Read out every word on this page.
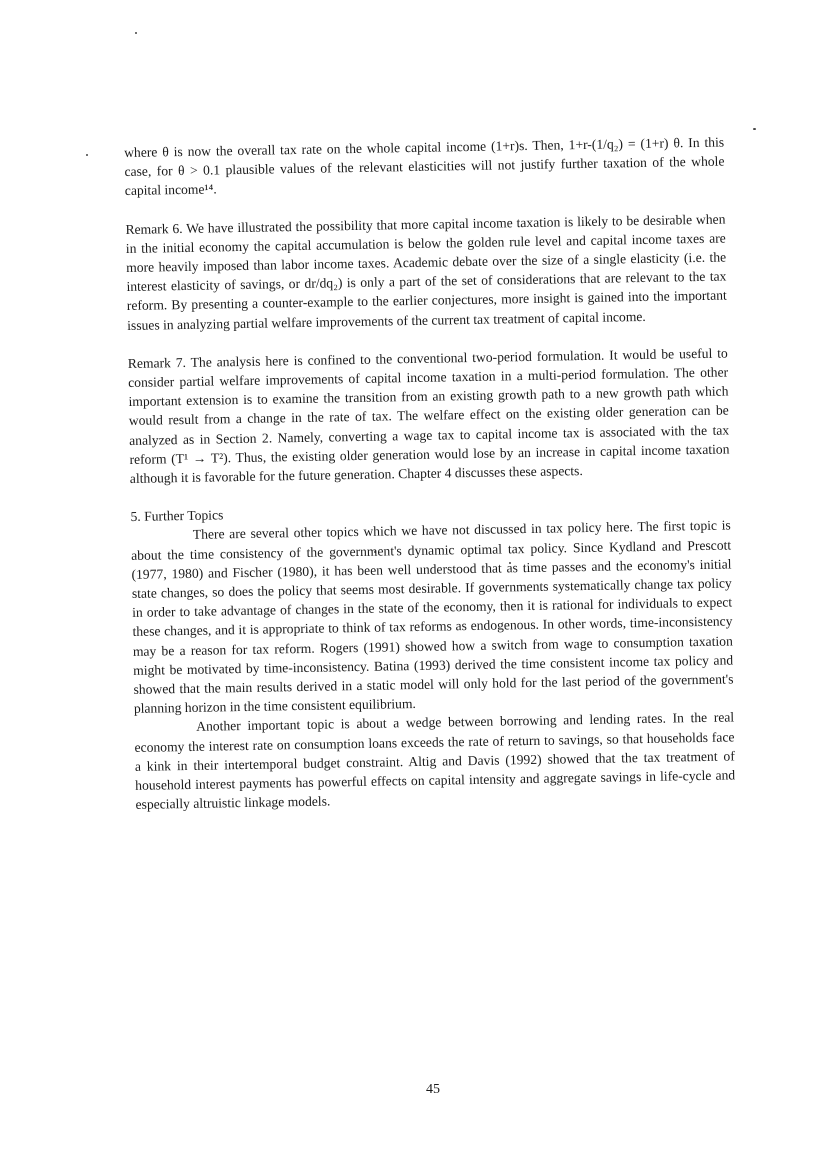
where θ is now the overall tax rate on the whole capital income (1+r)s. Then, 1+r-(1/q₂) = (1+r) θ. In this case, for θ > 0.1 plausible values of the relevant elasticities will not justify further taxation of the whole capital income¹⁴.

Remark 6. We have illustrated the possibility that more capital income taxation is likely to be desirable when in the initial economy the capital accumulation is below the golden rule level and capital income taxes are more heavily imposed than labor income taxes. Academic debate over the size of a single elasticity (i.e. the interest elasticity of savings, or dr/dq₂) is only a part of the set of considerations that are relevant to the tax reform. By presenting a counter-example to the earlier conjectures, more insight is gained into the important issues in analyzing partial welfare improvements of the current tax treatment of capital income.

Remark 7. The analysis here is confined to the conventional two-period formulation. It would be useful to consider partial welfare improvements of capital income taxation in a multi-period formulation. The other important extension is to examine the transition from an existing growth path to a new growth path which would result from a change in the rate of tax. The welfare effect on the existing older generation can be analyzed as in Section 2. Namely, converting a wage tax to capital income tax is associated with the tax reform (T¹ → T²). Thus, the existing older generation would lose by an increase in capital income taxation although it is favorable for the future generation. Chapter 4 discusses these aspects.

5. Further Topics

There are several other topics which we have not discussed in tax policy here. The first topic is about the time consistency of the government's dynamic optimal tax policy. Since Kydland and Prescott (1977, 1980) and Fischer (1980), it has been well understood that as time passes and the economy's initial state changes, so does the policy that seems most desirable. If governments systematically change tax policy in order to take advantage of changes in the state of the economy, then it is rational for individuals to expect these changes, and it is appropriate to think of tax reforms as endogenous. In other words, time-inconsistency may be a reason for tax reform. Rogers (1991) showed how a switch from wage to consumption taxation might be motivated by time-inconsistency. Batina (1993) derived the time consistent income tax policy and showed that the main results derived in a static model will only hold for the last period of the government's planning horizon in the time consistent equilibrium.

Another important topic is about a wedge between borrowing and lending rates. In the real economy the interest rate on consumption loans exceeds the rate of return to savings, so that households face a kink in their intertemporal budget constraint. Altig and Davis (1992) showed that the tax treatment of household interest payments has powerful effects on capital intensity and aggregate savings in life-cycle and especially altruistic linkage models.

45
